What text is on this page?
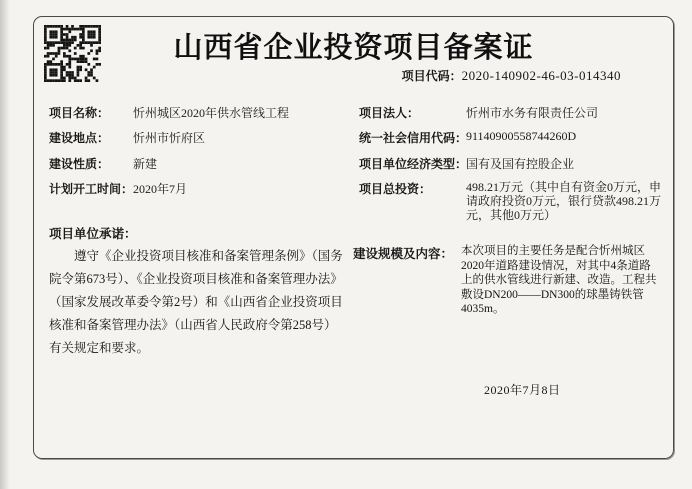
山西省企业投资项目备案证
项目代码：2020-140902-46-03-014340
项目名称： 忻州城区2020年供水管线工程
建设地点： 忻州市忻府区
建设性质： 新建
计划开工时间： 2020年7月
项目法人：	忻州市水务有限责任公司
统一社会信用代码：
91140900558744260D
项目单位经济类型：
国有及国有控股企业
项目总投资：	498.21万元（其中自有资金0万元，申请政府投资0万元，银行贷款498.21万元，其他0万元）
项目单位承诺：

遵守《企业投资项目核准和备案管理条例》（国务院令第673号）、《企业投资项目核准和备案管理办法》（国家发展改革委令第2号）和《山西省企业投资项目核准和备案管理办法》（山西省人民政府令第258号）有关规定和要求。

建设规模及内容： 本次项目的主要任务是配合忻州城区2020年道路建设情况，对其中4条道路上的供水管线进行新建、改造。工程共敷设DN200——DN300的球墨铸铁管4035m。

2020年7月8日
